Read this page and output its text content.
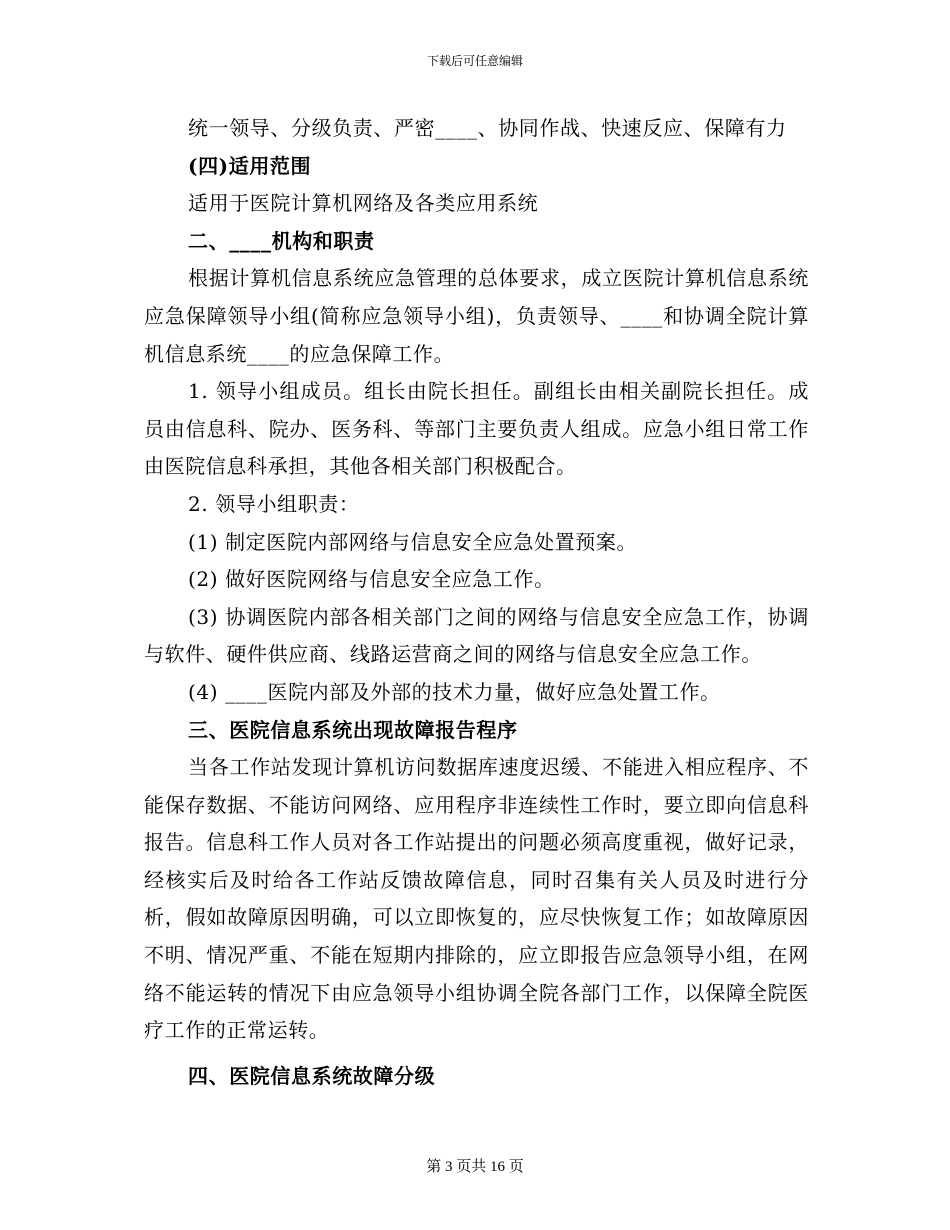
下载后可任意编辑

统一领导、分级负责、严密____、协同作战、快速反应、保障有力

(四)适用范围

适用于医院计算机网络及各类应用系统

二、____机构和职责

根据计算机信息系统应急管理的总体要求，成立医院计算机信息系统应急保障领导小组(简称应急领导小组)，负责领导、____和协调全院计算机信息系统____的应急保障工作。

1. 领导小组成员。组长由院长担任。副组长由相关副院长担任。成员由信息科、院办、医务科、等部门主要负责人组成。应急小组日常工作由医院信息科承担，其他各相关部门积极配合。

2. 领导小组职责：

(1) 制定医院内部网络与信息安全应急处置预案。

(2) 做好医院网络与信息安全应急工作。

(3) 协调医院内部各相关部门之间的网络与信息安全应急工作，协调与软件、硬件供应商、线路运营商之间的网络与信息安全应急工作。

(4) ____医院内部及外部的技术力量，做好应急处置工作。

三、医院信息系统出现故障报告程序

当各工作站发现计算机访问数据库速度迟缓、不能进入相应程序、不能保存数据、不能访问网络、应用程序非连续性工作时，要立即向信息科报告。信息科工作人员对各工作站提出的问题必须高度重视，做好记录，经核实后及时给各工作站反馈故障信息，同时召集有关人员及时进行分析，假如故障原因明确，可以立即恢复的，应尽快恢复工作；如故障原因不明、情况严重、不能在短期内排除的，应立即报告应急领导小组，在网络不能运转的情况下由应急领导小组协调全院各部门工作，以保障全院医疗工作的正常运转。

四、医院信息系统故障分级

第 3 页共 16 页
